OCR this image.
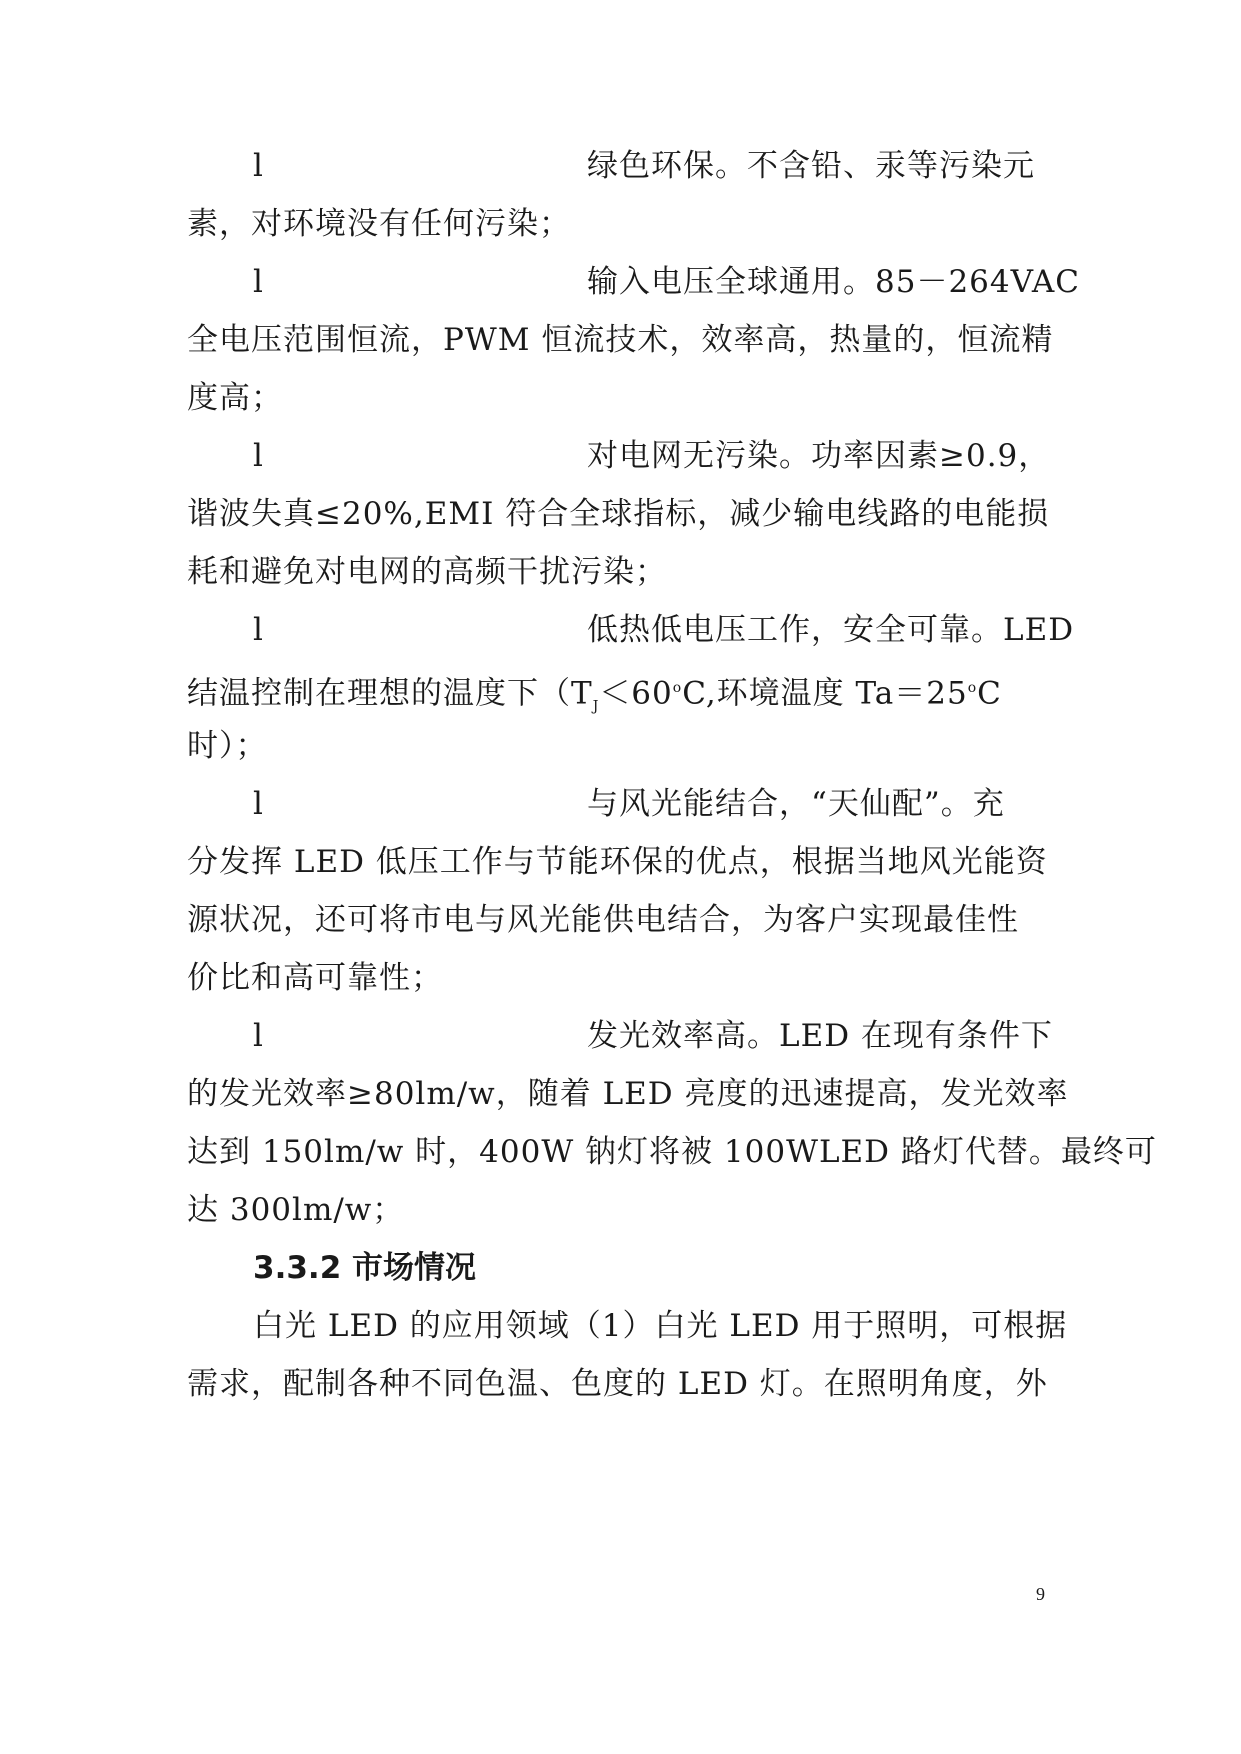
l	绿色环保。不含铅、汞等污染元
素，对环境没有任何污染；
l	输入电压全球通用。85－264VAC
全电压范围恒流，PWM 恒流技术，效率高，热量的，恒流精
度高；
l	对电网无污染。功率因素≥0.9，
谐波失真≤20%,EMI 符合全球指标，减少输电线路的电能损
耗和避免对电网的高频干扰污染；
l	低热低电压工作，安全可靠。LED
结温控制在理想的温度下（$T_J<60^oC$,环境温度 $Ta=25^oC$
时）；
l	与风光能结合，“天仙配”。充
分发挥 LED 低压工作与节能环保的优点，根据当地风光能资
源状况，还可将市电与风光能供电结合，为客户实现最佳性
价比和高可靠性；
l	发光效率高。LED 在现有条件下
的发光效率≥80lm/w，随着 LED 亮度的迅速提高，发光效率
达到 150lm/w 时，400W 钠灯将被 100WLED 路灯代替。最终可
达 300lm/w；
3.3.2 市场情况
白光 LED 的应用领域（1）白光 LED 用于照明，可根据
需求，配制各种不同色温、色度的 LED 灯。在照明角度，外
9
